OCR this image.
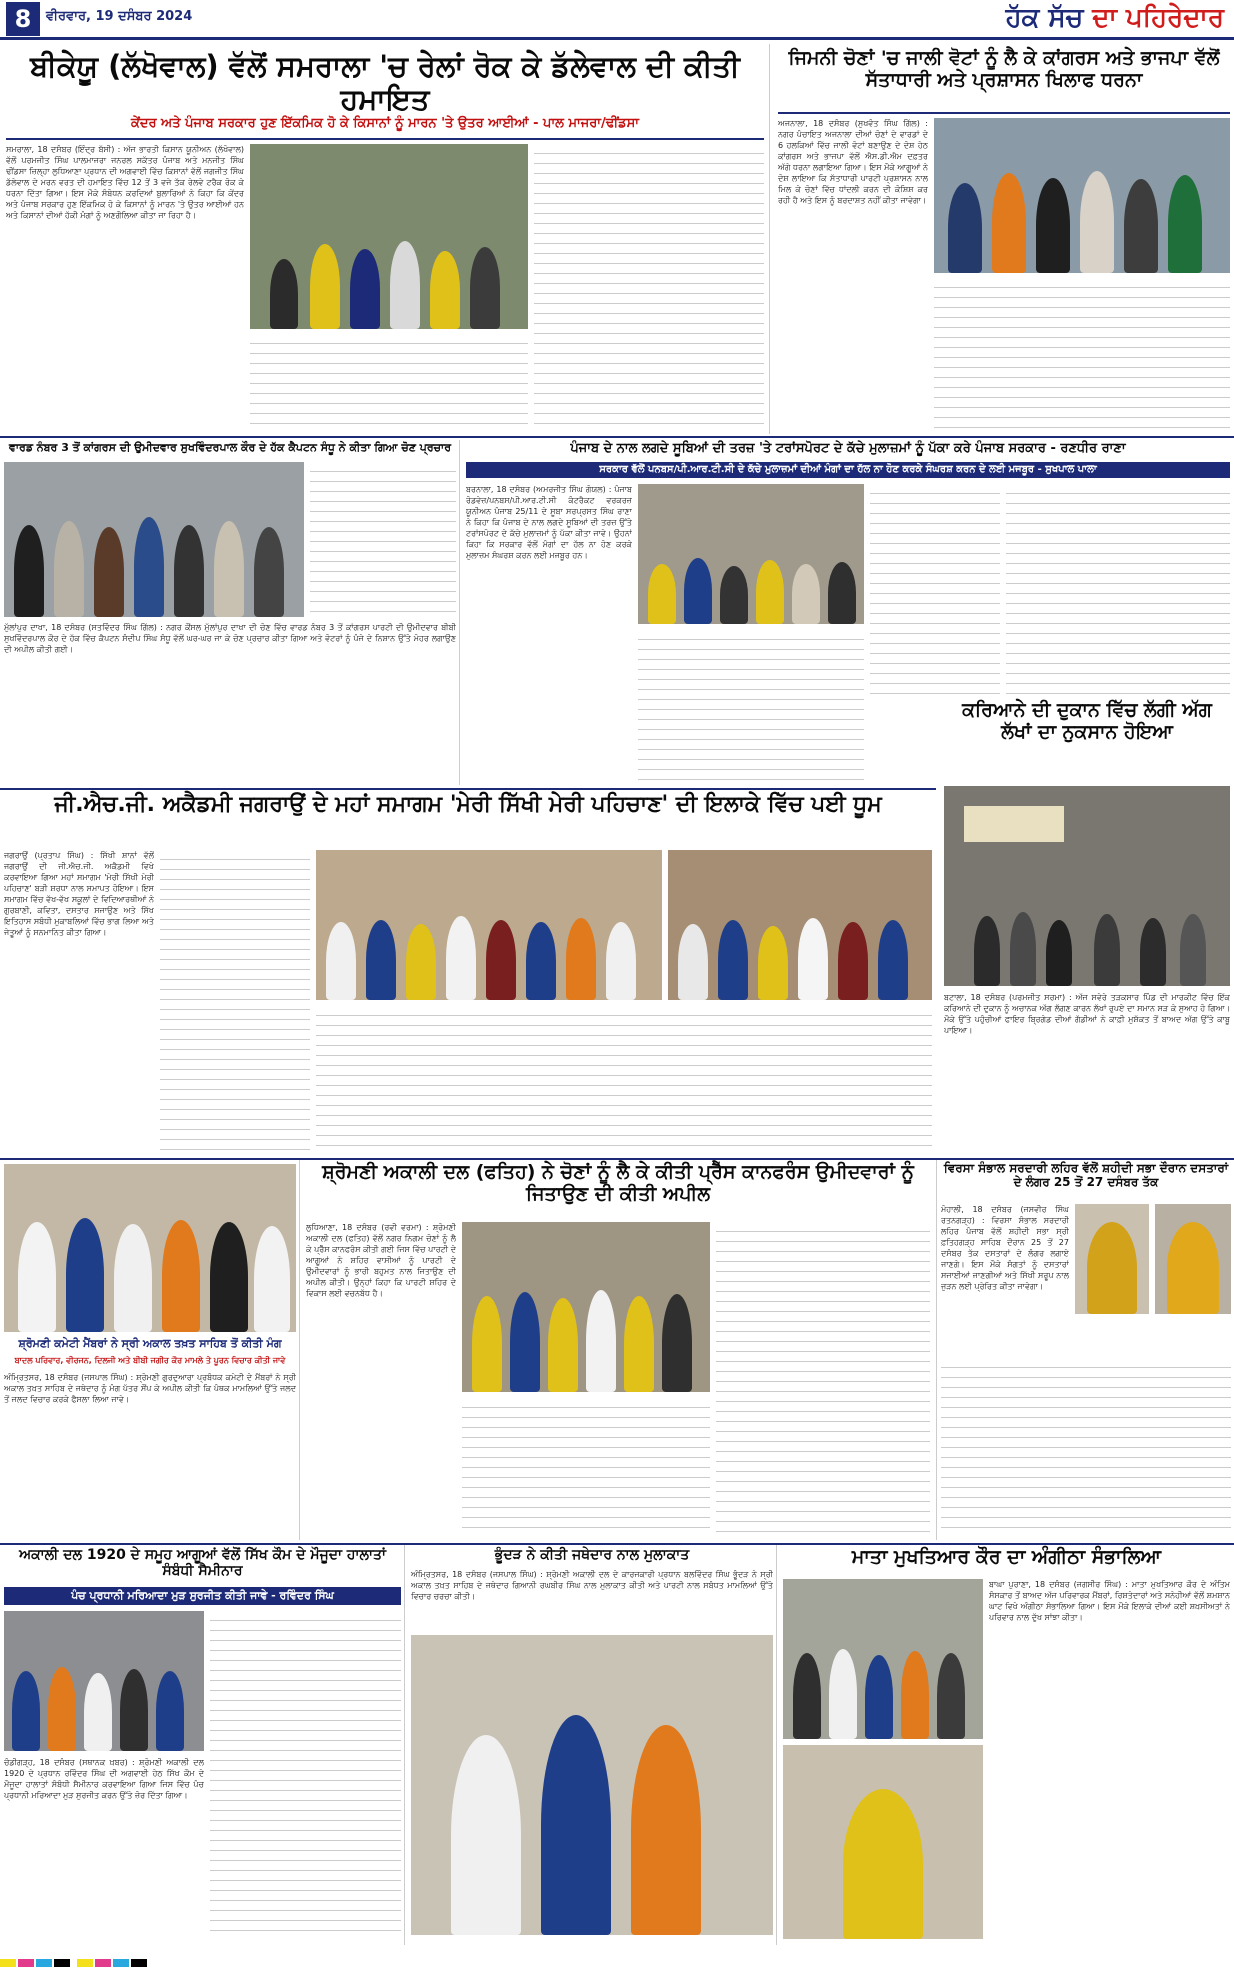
8	ਵੀਰਵਾਰ, 19 ਦਸੰਬਰ 2024	ਹੱਕ ਸੱਚ ਦਾ ਪਹਿਰੇਦਾਰ
ਬੀਕੇਯੂ (ਲੱਖੋਵਾਲ) ਵੱਲੋਂ ਸਮਰਾਲਾ 'ਚ ਰੇਲਾਂ ਰੋਕ ਕੇ ਡੱਲੇਵਾਲ ਦੀ ਕੀਤੀ ਹਮਾਇਤ
ਕੇਂਦਰ ਅਤੇ ਪੰਜਾਬ ਸਰਕਾਰ ਹੁਣ ਇੱਕਮਿਕ ਹੋ ਕੇ ਕਿਸਾਨਾਂ ਨੂੰ ਮਾਰਨ 'ਤੇ ਉਤਰ ਆਈਆਂ - ਪਾਲ ਮਾਜਰਾ/ਢੀਂਡਸਾ
ਸਮਰਾਲਾ, 18 ਦਸੰਬਰ (ਇੰਦ੍ਰ ਬੱਸੀ) : ਅੱਜ ਭਾਰਤੀ ਕਿਸਾਨ ਯੂਨੀਅਨ (ਲੱਖੋਵਾਲ) ਵੱਲੋਂ ਪਰਮਜੀਤ ਸਿੰਘ ਪਾਲਮਾਜਰਾ ਜਨਰਲ ਸਕੱਤਰ ਪੰਜਾਬ ਅਤੇ ਮਨਜੀਤ ਸਿੰਘ ਢੀਂਡਸਾ ਜ਼ਿਲ੍ਹਾ ਲੁਧਿਆਣਾ ਪ੍ਰਧਾਨ ਦੀ ਅਗਵਾਈ ਵਿੱਚ ਕਿਸਾਨਾਂ ਵੱਲੋਂ ਜਗਜੀਤ ਸਿੰਘ ਡੱਲੇਵਾਲ ਦੇ ਮਰਨ ਵਰਤ ਦੀ ਹਮਾਇਤ ਵਿੱਚ 12 ਤੋਂ 3 ਵਜੇ ਤੱਕ ਰੇਲਵੇ ਟਰੈਕ ਰੋਕ ਕੇ ਧਰਨਾ ਦਿੱਤਾ ਗਿਆ। ਇਸ ਮੌਕੇ ਸੰਬੋਧਨ ਕਰਦਿਆਂ ਬੁਲਾਰਿਆਂ ਨੇ ਕਿਹਾ ਕਿ ਕੇਂਦਰ ਅਤੇ ਪੰਜਾਬ ਸਰਕਾਰ ਹੁਣ ਇੱਕਮਿਕ ਹੋ ਕੇ ਕਿਸਾਨਾਂ ਨੂੰ ਮਾਰਨ 'ਤੇ ਉਤਰ ਆਈਆਂ ਹਨ ਅਤੇ ਕਿਸਾਨਾਂ ਦੀਆਂ ਹੱਕੀ ਮੰਗਾਂ ਨੂੰ ਅਣਗੌਲਿਆ ਕੀਤਾ ਜਾ ਰਿਹਾ ਹੈ।
ਜਿਮਨੀ ਚੋਣਾਂ 'ਚ ਜਾਲੀ ਵੋਟਾਂ ਨੂੰ ਲੈ ਕੇ ਕਾਂਗਰਸ ਅਤੇ ਭਾਜਪਾ ਵੱਲੋਂ ਸੱਤਾਧਾਰੀ ਅਤੇ ਪ੍ਰਸ਼ਾਸਨ ਖਿਲਾਫ ਧਰਨਾ
ਅਜਨਾਲਾ, 18 ਦਸੰਬਰ (ਸੁਖਵੰਤ ਸਿੰਘ ਗਿੱਲ) : ਨਗਰ ਪੰਚਾਇਤ ਅਜਨਾਲਾ ਦੀਆਂ ਚੋਣਾਂ ਦੇ ਵਾਰਡਾਂ ਦੇ 6 ਹਲਕਿਆਂ ਵਿੱਚ ਜਾਲੀ ਵੋਟਾਂ ਬਣਾਉਣ ਦੇ ਦੋਸ਼ ਹੇਠ ਕਾਂਗਰਸ ਅਤੇ ਭਾਜਪਾ ਵੱਲੋਂ ਐਸ.ਡੀ.ਐਮ ਦਫ਼ਤਰ ਅੱਗੇ ਧਰਨਾ ਲਗਾਇਆ ਗਿਆ। ਇਸ ਮੌਕੇ ਆਗੂਆਂ ਨੇ ਦੋਸ਼ ਲਾਇਆ ਕਿ ਸੱਤਾਧਾਰੀ ਪਾਰਟੀ ਪ੍ਰਸ਼ਾਸਨ ਨਾਲ ਮਿਲ ਕੇ ਚੋਣਾਂ ਵਿੱਚ ਧਾਂਦਲੀ ਕਰਨ ਦੀ ਕੋਸ਼ਿਸ਼ ਕਰ ਰਹੀ ਹੈ ਅਤੇ ਇਸ ਨੂੰ ਬਰਦਾਸ਼ਤ ਨਹੀਂ ਕੀਤਾ ਜਾਵੇਗਾ।
ਵਾਰਡ ਨੰਬਰ 3 ਤੋਂ ਕਾਂਗਰਸ ਦੀ ਉਮੀਦਵਾਰ ਸੁਖਵਿੰਦਰਪਾਲ ਕੌਰ ਦੇ ਹੱਕ ਕੈਪਟਨ ਸੰਧੂ ਨੇ ਕੀਤਾ ਗਿਆ ਚੋਣ ਪ੍ਰਚਾਰ
ਮੁੱਲਾਂਪੁਰ ਦਾਖਾ, 18 ਦਸੰਬਰ (ਸਤਵਿੰਦਰ ਸਿੰਘ ਗਿੱਲ) : ਨਗਰ ਕੌਂਸਲ ਮੁੱਲਾਂਪੁਰ ਦਾਖਾ ਦੀ ਚੋਣ ਵਿੱਚ ਵਾਰਡ ਨੰਬਰ 3 ਤੋਂ ਕਾਂਗਰਸ ਪਾਰਟੀ ਦੀ ਉਮੀਦਵਾਰ ਬੀਬੀ ਸੁਖਵਿੰਦਰਪਾਲ ਕੌਰ ਦੇ ਹੱਕ ਵਿੱਚ ਕੈਪਟਨ ਸੰਦੀਪ ਸਿੰਘ ਸੰਧੂ ਵੱਲੋਂ ਘਰ-ਘਰ ਜਾ ਕੇ ਚੋਣ ਪ੍ਰਚਾਰ ਕੀਤਾ ਗਿਆ ਅਤੇ ਵੋਟਰਾਂ ਨੂੰ ਪੰਜੇ ਦੇ ਨਿਸ਼ਾਨ ਉੱਤੇ ਮੋਹਰ ਲਗਾਉਣ ਦੀ ਅਪੀਲ ਕੀਤੀ ਗਈ।
ਪੰਜਾਬ ਦੇ ਨਾਲ ਲਗਦੇ ਸੂਬਿਆਂ ਦੀ ਤਰਜ਼ 'ਤੇ ਟਰਾਂਸਪੋਰਟ ਦੇ ਕੱਚੇ ਮੁਲਾਜ਼ਮਾਂ ਨੂੰ ਪੱਕਾ ਕਰੇ ਪੰਜਾਬ ਸਰਕਾਰ - ਰਣਧੀਰ ਰਾਣਾ
ਸਰਕਾਰ ਵੱਲੋਂ ਪਨਬਸ/ਪੀ.ਆਰ.ਟੀ.ਸੀ ਦੇ ਕੱਚੇ ਮੁਲਾਜ਼ਮਾਂ ਦੀਆਂ ਮੰਗਾਂ ਦਾ ਹੱਲ ਨਾ ਹੋਣ ਕਰਕੇ ਸੰਘਰਸ਼ ਕਰਨ ਦੇ ਲਈ ਮਜਬੂਰ - ਸੁਖਪਾਲ ਪਾਲਾ
ਬਰਨਾਲਾ, 18 ਦਸੰਬਰ (ਅਮਰਜੀਤ ਸਿੰਘ ਗੋਯਲ) : ਪੰਜਾਬ ਰੋਡਵੇਜ਼/ਪਨਬਸ/ਪੀ.ਆਰ.ਟੀ.ਸੀ ਕੰਟਰੈਕਟ ਵਰਕਰਜ਼ ਯੂਨੀਅਨ ਪੰਜਾਬ 25/11 ਦੇ ਸੂਬਾ ਸਰਪ੍ਰਸਤ ਸਿੰਘ ਰਾਣਾ ਨੇ ਕਿਹਾ ਕਿ ਪੰਜਾਬ ਦੇ ਨਾਲ ਲਗਦੇ ਸੂਬਿਆਂ ਦੀ ਤਰਜ਼ ਉੱਤੇ ਟਰਾਂਸਪੋਰਟ ਦੇ ਕੱਚੇ ਮੁਲਾਜ਼ਮਾਂ ਨੂੰ ਪੱਕਾ ਕੀਤਾ ਜਾਵੇ। ਉਹਨਾਂ ਕਿਹਾ ਕਿ ਸਰਕਾਰ ਵੱਲੋਂ ਮੰਗਾਂ ਦਾ ਹੱਲ ਨਾ ਹੋਣ ਕਰਕੇ ਮੁਲਾਜ਼ਮ ਸੰਘਰਸ਼ ਕਰਨ ਲਈ ਮਜਬੂਰ ਹਨ।
ਕਰਿਆਨੇ ਦੀ ਦੁਕਾਨ ਵਿੱਚ ਲੱਗੀ ਅੱਗ ਲੱਖਾਂ ਦਾ ਨੁਕਸਾਨ ਹੋਇਆ
ਬਟਾਲਾ, 18 ਦਸੰਬਰ (ਪਰਮਜੀਤ ਸਰਮਾ) : ਅੱਜ ਸਵੇਰੇ ਤੜਕਸਾਰ ਪਿੰਡ ਦੀ ਮਾਰਕੀਟ ਵਿੱਚ ਇੱਕ ਕਰਿਆਨੇ ਦੀ ਦੁਕਾਨ ਨੂੰ ਅਚਾਨਕ ਅੱਗ ਲੱਗਣ ਕਾਰਨ ਲੱਖਾਂ ਰੁਪਏ ਦਾ ਸਮਾਨ ਸੜ ਕੇ ਸੁਆਹ ਹੋ ਗਿਆ। ਮੌਕੇ ਉੱਤੇ ਪਹੁੰਚੀਆਂ ਫਾਇਰ ਬ੍ਰਿਗੇਡ ਦੀਆਂ ਗੱਡੀਆਂ ਨੇ ਕਾਫ਼ੀ ਮੁਸ਼ੱਕਤ ਤੋਂ ਬਾਅਦ ਅੱਗ ਉੱਤੇ ਕਾਬੂ ਪਾਇਆ।
ਜੀ.ਐਚ.ਜੀ. ਅਕੈਡਮੀ ਜਗਰਾਉਂ ਦੇ ਮਹਾਂ ਸਮਾਗਮ 'ਮੇਰੀ ਸਿੱਖੀ ਮੇਰੀ ਪਹਿਚਾਣ' ਦੀ ਇਲਾਕੇ ਵਿੱਚ ਪਈ ਧੂਮ
ਜਗਰਾਉਂ (ਪ੍ਰਤਾਪ ਸਿੰਘ) : ਸਿੱਖੀ ਸ਼ਾਨਾਂ ਵੱਲੋਂ ਜਗਰਾਉਂ ਦੀ ਜੀ.ਐਚ.ਜੀ. ਅਕੈਡਮੀ ਵਿਖੇ ਕਰਵਾਇਆ ਗਿਆ ਮਹਾਂ ਸਮਾਗਮ 'ਮੇਰੀ ਸਿੱਖੀ ਮੇਰੀ ਪਹਿਚਾਣ' ਬੜੀ ਸ਼ਰਧਾ ਨਾਲ ਸਮਾਪਤ ਹੋਇਆ। ਇਸ ਸਮਾਗਮ ਵਿੱਚ ਵੱਖ-ਵੱਖ ਸਕੂਲਾਂ ਦੇ ਵਿਦਿਆਰਥੀਆਂ ਨੇ ਗੁਰਬਾਣੀ, ਕਵਿਤਾ, ਦਸਤਾਰ ਸਜਾਉਣ ਅਤੇ ਸਿੱਖ ਇਤਿਹਾਸ ਸਬੰਧੀ ਮੁਕਾਬਲਿਆਂ ਵਿੱਚ ਭਾਗ ਲਿਆ ਅਤੇ ਜੇਤੂਆਂ ਨੂੰ ਸਨਮਾਨਿਤ ਕੀਤਾ ਗਿਆ।
ਸ਼੍ਰੋਮਣੀ ਕਮੇਟੀ ਮੈਂਬਰਾਂ ਨੇ ਸ੍ਰੀ ਅਕਾਲ ਤਖ਼ਤ ਸਾਹਿਬ ਤੋਂ ਕੀਤੀ ਮੰਗ
ਬਾਦਲ ਪਰਿਵਾਰ, ਵੀਰਜਨ, ਦਿਲਜੀ ਅਤੇ ਬੀਬੀ ਜਗੀਰ ਕੌਰ ਮਾਮਲੇ ਤੇ ਪੂਰਨ ਵਿਚਾਰ ਕੀਤੀ ਜਾਵੇ
ਅੰਮ੍ਰਿਤਸਰ, 18 ਦਸੰਬਰ (ਜਸਪਾਲ ਸਿੰਘ) : ਸ਼੍ਰੋਮਣੀ ਗੁਰਦੁਆਰਾ ਪ੍ਰਬੰਧਕ ਕਮੇਟੀ ਦੇ ਮੈਂਬਰਾਂ ਨੇ ਸ੍ਰੀ ਅਕਾਲ ਤਖ਼ਤ ਸਾਹਿਬ ਦੇ ਜਥੇਦਾਰ ਨੂੰ ਮੰਗ ਪੱਤਰ ਸੌਂਪ ਕੇ ਅਪੀਲ ਕੀਤੀ ਕਿ ਪੰਥਕ ਮਾਮਲਿਆਂ ਉੱਤੇ ਜਲਦ ਤੋਂ ਜਲਦ ਵਿਚਾਰ ਕਰਕੇ ਫੈਸਲਾ ਲਿਆ ਜਾਵੇ।
ਸ਼੍ਰੋਮਣੀ ਅਕਾਲੀ ਦਲ (ਫਤਿਹ) ਨੇ ਚੋਣਾਂ ਨੂੰ ਲੈ ਕੇ ਕੀਤੀ ਪ੍ਰੈੱਸ ਕਾਨਫਰੰਸ ਉਮੀਦਵਾਰਾਂ ਨੂੰ ਜਿਤਾਉਣ ਦੀ ਕੀਤੀ ਅਪੀਲ
ਲੁਧਿਆਣਾ, 18 ਦਸੰਬਰ (ਰਵੀ ਵਰਮਾ) : ਸ਼੍ਰੋਮਣੀ ਅਕਾਲੀ ਦਲ (ਫਤਿਹ) ਵੱਲੋਂ ਨਗਰ ਨਿਗਮ ਚੋਣਾਂ ਨੂੰ ਲੈ ਕੇ ਪ੍ਰੈੱਸ ਕਾਨਫਰੰਸ ਕੀਤੀ ਗਈ ਜਿਸ ਵਿੱਚ ਪਾਰਟੀ ਦੇ ਆਗੂਆਂ ਨੇ ਸ਼ਹਿਰ ਵਾਸੀਆਂ ਨੂੰ ਪਾਰਟੀ ਦੇ ਉਮੀਦਵਾਰਾਂ ਨੂੰ ਭਾਰੀ ਬਹੁਮਤ ਨਾਲ ਜਿਤਾਉਣ ਦੀ ਅਪੀਲ ਕੀਤੀ। ਉਨ੍ਹਾਂ ਕਿਹਾ ਕਿ ਪਾਰਟੀ ਸ਼ਹਿਰ ਦੇ ਵਿਕਾਸ ਲਈ ਵਚਨਬੱਧ ਹੈ।
ਵਿਰਸਾ ਸੰਭਾਲ ਸਰਦਾਰੀ ਲਹਿਰ ਵੱਲੋਂ ਸ਼ਹੀਦੀ ਸਭਾ ਦੌਰਾਨ ਦਸਤਾਰਾਂ ਦੇ ਲੰਗਰ 25 ਤੋਂ 27 ਦਸੰਬਰ ਤੱਕ
ਮੋਹਾਲੀ, 18 ਦਸੰਬਰ (ਜਸਵੀਰ ਸਿੰਘ ਰਤਨਗੜ੍ਹ) : ਵਿਰਸਾ ਸੰਭਾਲ ਸਰਦਾਰੀ ਲਹਿਰ ਪੰਜਾਬ ਵੱਲੋਂ ਸ਼ਹੀਦੀ ਸਭਾ ਸ੍ਰੀ ਫ਼ਤਿਹਗੜ੍ਹ ਸਾਹਿਬ ਦੌਰਾਨ 25 ਤੋਂ 27 ਦਸੰਬਰ ਤੱਕ ਦਸਤਾਰਾਂ ਦੇ ਲੰਗਰ ਲਗਾਏ ਜਾਣਗੇ। ਇਸ ਮੌਕੇ ਸੰਗਤਾਂ ਨੂੰ ਦਸਤਾਰਾਂ ਸਜਾਈਆਂ ਜਾਣਗੀਆਂ ਅਤੇ ਸਿੱਖੀ ਸਰੂਪ ਨਾਲ ਜੁੜਨ ਲਈ ਪ੍ਰੇਰਿਤ ਕੀਤਾ ਜਾਵੇਗਾ।
ਅਕਾਲੀ ਦਲ 1920 ਦੇ ਸਮੂਹ ਆਗੂਆਂ ਵੱਲੋਂ ਸਿੱਖ ਕੌਮ ਦੇ ਮੌਜੂਦਾ ਹਾਲਾਤਾਂ ਸੰਬੰਧੀ ਸੈਮੀਨਾਰ
ਪੰਚ ਪ੍ਰਧਾਨੀ ਮਰਿਆਦਾ ਮੁੜ ਸੁਰਜੀਤ ਕੀਤੀ ਜਾਵੇ - ਰਵਿੰਦਰ ਸਿੰਘ
ਚੰਡੀਗੜ੍ਹ, 18 ਦਸੰਬਰ (ਸਥਾਨਕ ਖ਼ਬਰ) : ਸ਼੍ਰੋਮਣੀ ਅਕਾਲੀ ਦਲ 1920 ਦੇ ਪ੍ਰਧਾਨ ਰਵਿੰਦਰ ਸਿੰਘ ਦੀ ਅਗਵਾਈ ਹੇਠ ਸਿੱਖ ਕੌਮ ਦੇ ਮੌਜੂਦਾ ਹਾਲਾਤਾਂ ਸੰਬੰਧੀ ਸੈਮੀਨਾਰ ਕਰਵਾਇਆ ਗਿਆ ਜਿਸ ਵਿੱਚ ਪੰਚ ਪ੍ਰਧਾਨੀ ਮਰਿਆਦਾ ਮੁੜ ਸੁਰਜੀਤ ਕਰਨ ਉੱਤੇ ਜ਼ੋਰ ਦਿੱਤਾ ਗਿਆ।
ਭੂੰਦੜ ਨੇ ਕੀਤੀ ਜਥੇਦਾਰ ਨਾਲ ਮੁਲਾਕਾਤ
ਅੰਮ੍ਰਿਤਸਰ, 18 ਦਸੰਬਰ (ਜਸਪਾਲ ਸਿੰਘ) : ਸ਼੍ਰੋਮਣੀ ਅਕਾਲੀ ਦਲ ਦੇ ਕਾਰਜਕਾਰੀ ਪ੍ਰਧਾਨ ਬਲਵਿੰਦਰ ਸਿੰਘ ਭੂੰਦੜ ਨੇ ਸ੍ਰੀ ਅਕਾਲ ਤਖ਼ਤ ਸਾਹਿਬ ਦੇ ਜਥੇਦਾਰ ਗਿਆਨੀ ਰਘਬੀਰ ਸਿੰਘ ਨਾਲ ਮੁਲਾਕਾਤ ਕੀਤੀ ਅਤੇ ਪਾਰਟੀ ਨਾਲ ਸਬੰਧਤ ਮਾਮਲਿਆਂ ਉੱਤੇ ਵਿਚਾਰ ਚਰਚਾ ਕੀਤੀ।
ਮਾਤਾ ਮੁਖਤਿਆਰ ਕੌਰ ਦਾ ਅੰਗੀਠਾ ਸੰਭਾਲਿਆ
ਬਾਘਾ ਪੁਰਾਣਾ, 18 ਦਸੰਬਰ (ਜਗਸੀਰ ਸਿੰਘ) : ਮਾਤਾ ਮੁਖਤਿਆਰ ਕੌਰ ਦੇ ਅੰਤਿਮ ਸੰਸਕਾਰ ਤੋਂ ਬਾਅਦ ਅੱਜ ਪਰਿਵਾਰਕ ਮੈਂਬਰਾਂ, ਰਿਸ਼ਤੇਦਾਰਾਂ ਅਤੇ ਸਨੇਹੀਆਂ ਵੱਲੋਂ ਸ਼ਮਸ਼ਾਨ ਘਾਟ ਵਿਖੇ ਅੰਗੀਠਾ ਸੰਭਾਲਿਆ ਗਿਆ। ਇਸ ਮੌਕੇ ਇਲਾਕੇ ਦੀਆਂ ਕਈ ਸ਼ਖ਼ਸੀਅਤਾਂ ਨੇ ਪਰਿਵਾਰ ਨਾਲ ਦੁੱਖ ਸਾਂਝਾ ਕੀਤਾ।
